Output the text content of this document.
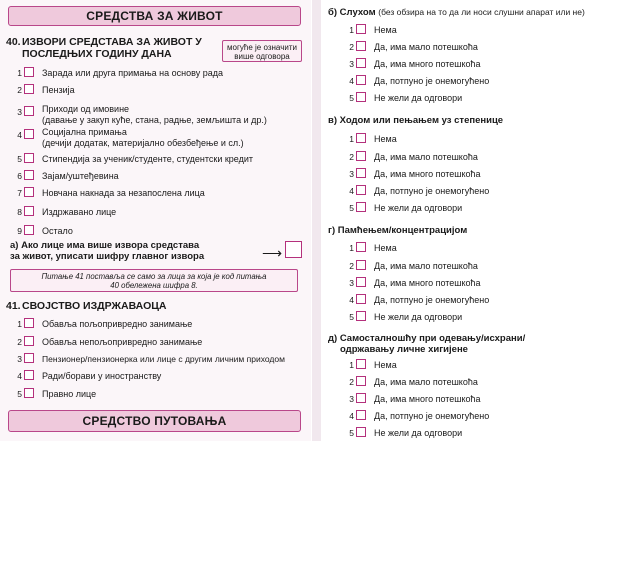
СРЕДСТВА ЗА ЖИВОТ
40. ИЗВОРИ СРЕДСТАВА ЗА ЖИВОТ У
ПОСЛЕДЊИХ ГОДИНУ ДАНА
могуће је означити
више одговора
1 Зарада или друга примања на основу рада
2 Пензија
3 Приходи од имовине
(давање у закуп куће, стана, радње, земљишта и др.)
4 Социјална примања
(дечији додатак, материјално обезбеђење и сл.)
5 Стипендија за ученик/студенте, студентски кредит
6 Зајам/уштеђевина
7 Новчана накнада за незапослена лица
8 Издржавано лице
9 Остало
а) Ако лице има више извора средстава
за живот, уписати шифру главног извора	⟶
Питање 41 поставља се само за лица за која је код питања
40 обележена шифра 8.
41. СВОЈСТВО ИЗДРЖАВАОЦА
1 Обавља пољопривредно занимање
2 Обавља непољопривредно занимање
3 Пензионер/пензионерка или лице с другим личним приходом
4 Ради/борави у иностранству
5 Правно лице
СРЕДСТВО ПУТОВАЊА
б) Слухом (без обзира на то да ли носи слушни апарат или не)
1 Нема
2 Да, има мало потешкоћа
3 Да, има много потешкоћа
4 Да, потпуно је онемогућено
5 Не жели да одговори
в) Ходом или пењањем уз степенице
1 Нема
2 Да, има мало потешкоћа
3 Да, има много потешкоћа
4 Да, потпуно је онемогућено
5 Не жели да одговори
г) Памћењем/концентрацијом
1 Нема
2 Да, има мало потешкоћа
3 Да, има много потешкоћа
4 Да, потпуно је онемогућено
5 Не жели да одговори
д) Самосталношћу при одевању/исхрани/
одржавању личне хигијене
1 Нема
2 Да, има мало потешкоћа
3 Да, има много потешкоћа
4 Да, потпуно је онемогућено
5 Не жели да одговори
